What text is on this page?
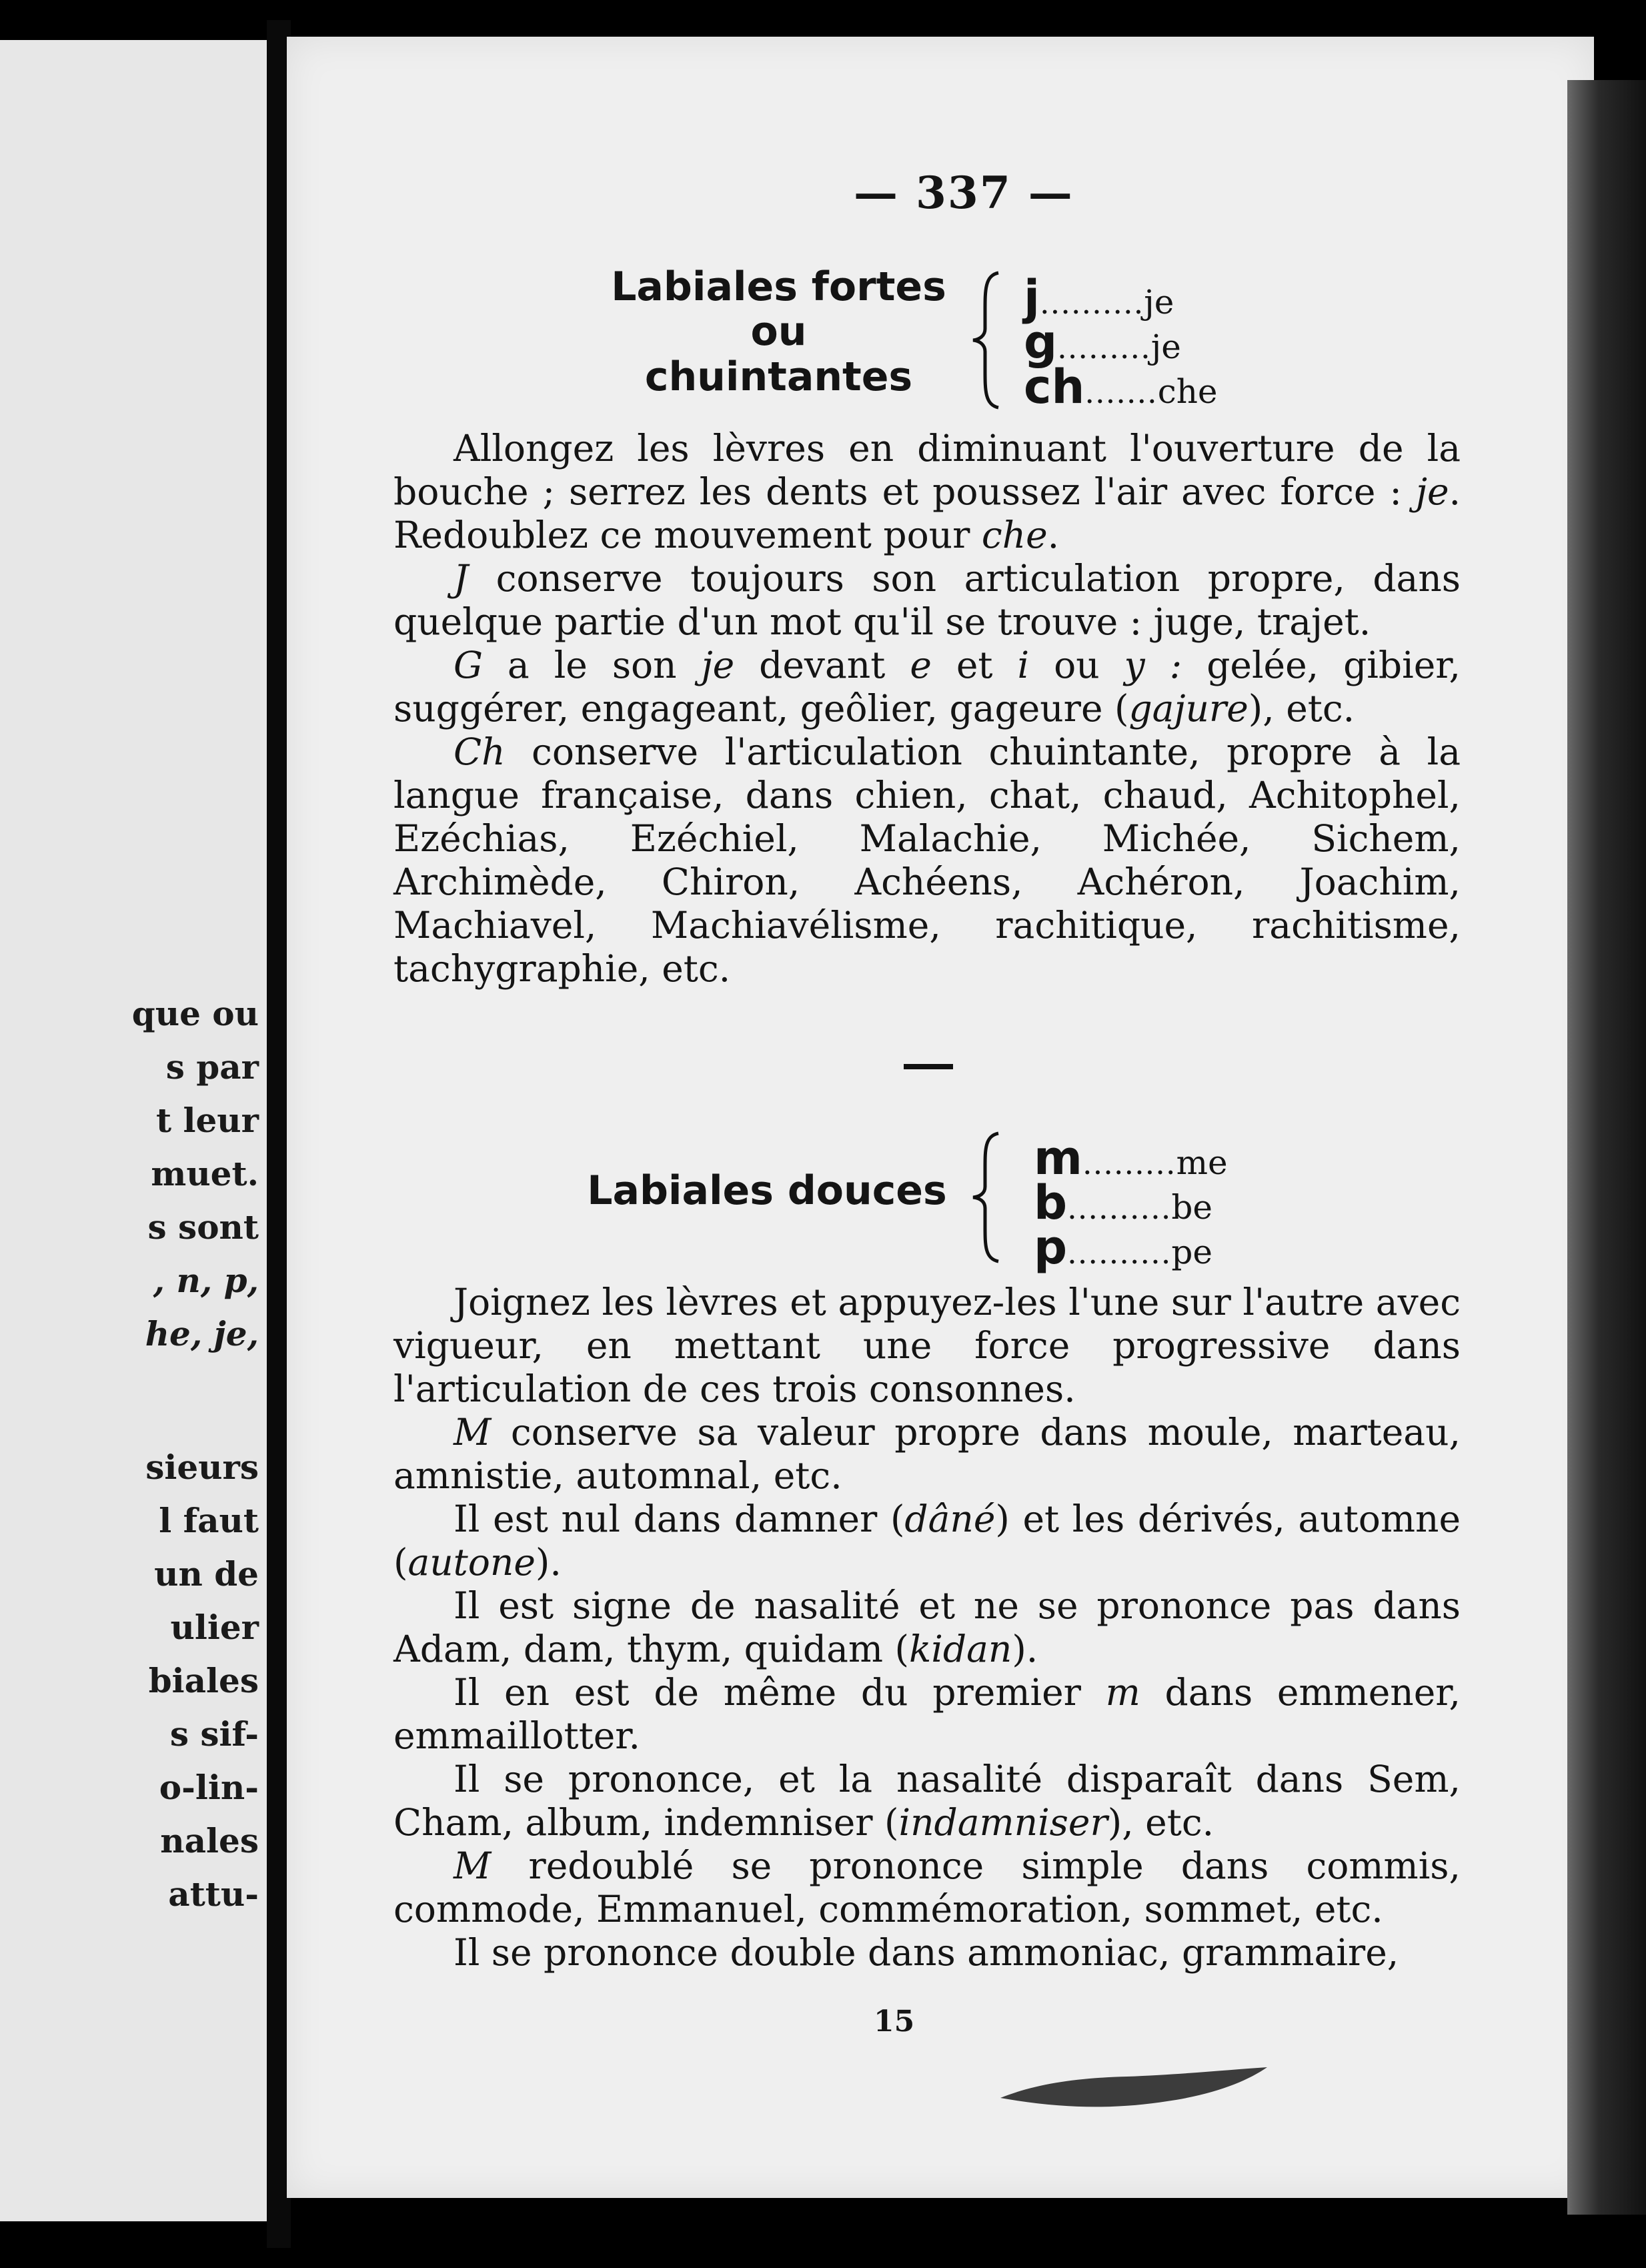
que ou
s par
t leur
muet.
s sont
, n, p,
he, je,
sieurs
l faut
un de
ulier
biales
s sif-
o-lin-
nales
attu-
— 337 —
Labiales fortes
ou
chuintantes
j..........je
g.........je
ch.......che

Allongez les lèvres en diminuant l'ouverture de la bouche ; serrez les dents et poussez l'air avec force : je. Redoublez ce mouvement pour che.

J conserve toujours son articulation propre, dans quelque partie d'un mot qu'il se trouve : juge, trajet.

G a le son je devant e et i ou y : gelée, gibier, suggérer, engageant, geôlier, gageure (gajure), etc.

Ch conserve l'articulation chuintante, propre à la langue française, dans chien, chat, chaud, Achitophel, Ezéchias, Ezéchiel, Malachie, Michée, Sichem, Archimède, Chiron, Achéens, Achéron, Joachim, Machiavel, Machiavélisme, rachitique, rachitisme, tachygraphie, etc.

Labiales douces
m.........me
b..........be
p..........pe

Joignez les lèvres et appuyez-les l'une sur l'autre avec vigueur, en mettant une force progressive dans l'articulation de ces trois consonnes.

M conserve sa valeur propre dans moule, marteau, amnistie, automnal, etc.

Il est nul dans damner (dâné) et les dérivés, automne (autone).

Il est signe de nasalité et ne se prononce pas dans Adam, dam, thym, quidam (kidan).

Il en est de même du premier m dans emmener, emmaillotter.

Il se prononce, et la nasalité disparaît dans Sem, Cham, album, indemniser (indamniser), etc.

M redoublé se prononce simple dans commis, commode, Emmanuel, commémoration, sommet, etc.

Il se prononce double dans ammoniac, grammaire,

15
